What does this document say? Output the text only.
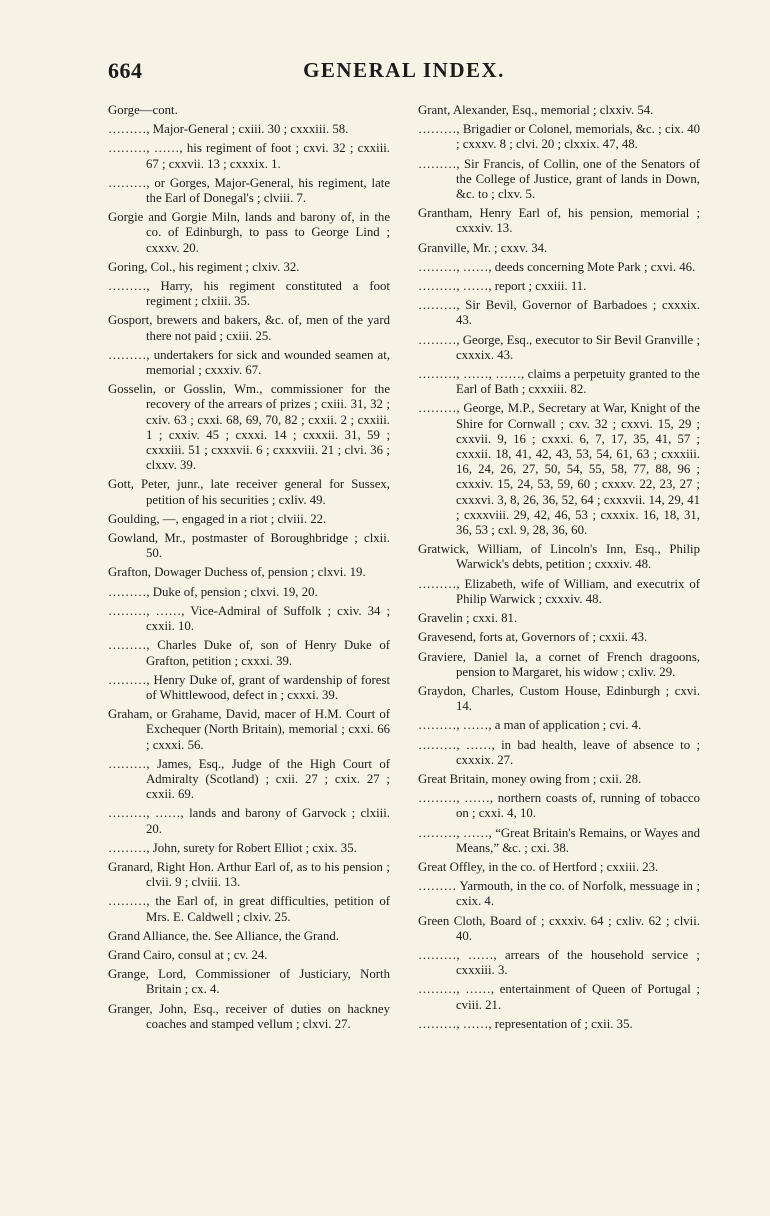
664	GENERAL INDEX.

Gorge—cont.

………, Major-General ; cxiii. 30 ; cxxxiii. 58.

………, ……, his regiment of foot ; cxvi. 32 ; cxxiii. 67 ; cxxvii. 13 ; cxxxix. 1.

………, or Gorges, Major-General, his regiment, late the Earl of Donegal's ; clviii. 7.

Gorgie and Gorgie Miln, lands and barony of, in the co. of Edinburgh, to pass to George Lind ; cxxxv. 20.

Goring, Col., his regiment ; clxiv. 32.

………, Harry, his regiment constituted a foot regiment ; clxiii. 35.

Gosport, brewers and bakers, &c. of, men of the yard there not paid ; cxiii. 25.

………, undertakers for sick and wounded seamen at, memorial ; cxxxiv. 67.

Gosselin, or Gosslin, Wm., commissioner for the recovery of the arrears of prizes ; cxiii. 31, 32 ; cxiv. 63 ; cxxi. 68, 69, 70, 82 ; cxxii. 2 ; cxxiii. 1 ; cxxiv. 45 ; cxxxi. 14 ; cxxxii. 31, 59 ; cxxxiii. 51 ; cxxxvii. 6 ; cxxxviii. 21 ; clvi. 36 ; clxxv. 39.

Gott, Peter, junr., late receiver general for Sussex, petition of his securities ; cxliv. 49.

Goulding, —, engaged in a riot ; clviii. 22.

Gowland, Mr., postmaster of Boroughbridge ; clxii. 50.

Grafton, Dowager Duchess of, pension ; clxvi. 19.

………, Duke of, pension ; clxvi. 19, 20.

………, ……, Vice-Admiral of Suffolk ; cxiv. 34 ; cxxii. 10.

………, Charles Duke of, son of Henry Duke of Grafton, petition ; cxxxi. 39.

………, Henry Duke of, grant of wardenship of forest of Whittlewood, defect in ; cxxxi. 39.

Graham, or Grahame, David, macer of H.M. Court of Exchequer (North Britain), memorial ; cxxi. 66 ; cxxxi. 56.

………, James, Esq., Judge of the High Court of Admiralty (Scotland) ; cxii. 27 ; cxix. 27 ; cxxii. 69.

………, ……, lands and barony of Garvock ; clxiii. 20.

………, John, surety for Robert Elliot ; cxix. 35.

Granard, Right Hon. Arthur Earl of, as to his pension ; clvii. 9 ; clviii. 13.

………, the Earl of, in great difficulties, petition of Mrs. E. Caldwell ; clxiv. 25.

Grand Alliance, the. See Alliance, the Grand.

Grand Cairo, consul at ; cv. 24.

Grange, Lord, Commissioner of Justiciary, North Britain ; cx. 4.

Granger, John, Esq., receiver of duties on hackney coaches and stamped vellum ; clxvi. 27.

Grant, Alexander, Esq., memorial ; clxxiv. 54.

………, Brigadier or Colonel, memorials, &c. ; cix. 40 ; cxxxv. 8 ; clvi. 20 ; clxxix. 47, 48.

………, Sir Francis, of Collin, one of the Senators of the College of Justice, grant of lands in Down, &c. to ; clxv. 5.

Grantham, Henry Earl of, his pension, memorial ; cxxxiv. 13.

Granville, Mr. ; cxxv. 34.

………, ……, deeds concerning Mote Park ; cxvi. 46.

………, ……, report ; cxxiii. 11.

………, Sir Bevil, Governor of Barbadoes ; cxxxix. 43.

………, George, Esq., executor to Sir Bevil Granville ; cxxxix. 43.

………, ……, ……, claims a perpetuity granted to the Earl of Bath ; cxxxiii. 82.

………, George, M.P., Secretary at War, Knight of the Shire for Cornwall ; cxv. 32 ; cxxvi. 15, 29 ; cxxvii. 9, 16 ; cxxxi. 6, 7, 17, 35, 41, 57 ; cxxxii. 18, 41, 42, 43, 53, 54, 61, 63 ; cxxxiii. 16, 24, 26, 27, 50, 54, 55, 58, 77, 88, 96 ; cxxxiv. 15, 24, 53, 59, 60 ; cxxxv. 22, 23, 27 ; cxxxvi. 3, 8, 26, 36, 52, 64 ; cxxxvii. 14, 29, 41 ; cxxxviii. 29, 42, 46, 53 ; cxxxix. 16, 18, 31, 36, 53 ; cxl. 9, 28, 36, 60.

Gratwick, William, of Lincoln's Inn, Esq., Philip Warwick's debts, petition ; cxxxiv. 48.

………, Elizabeth, wife of William, and executrix of Philip Warwick ; cxxxiv. 48.

Gravelin ; cxxi. 81.

Gravesend, forts at, Governors of ; cxxii. 43.

Graviere, Daniel la, a cornet of French dragoons, pension to Margaret, his widow ; cxliv. 29.

Graydon, Charles, Custom House, Edinburgh ; cxvi. 14.

………, ……, a man of application ; cvi. 4.

………, ……, in bad health, leave of absence to ; cxxxix. 27.

Great Britain, money owing from ; cxii. 28.

………, ……, northern coasts of, running of tobacco on ; cxxi. 4, 10.

………, ……, “Great Britain's Remains, or Wayes and Means,” &c. ; cxi. 38.

Great Offley, in the co. of Hertford ; cxxiii. 23.

……… Yarmouth, in the co. of Norfolk, messuage in ; cxix. 4.

Green Cloth, Board of ; cxxxiv. 64 ; cxliv. 62 ; clvii. 40.

………, ……, arrears of the household service ; cxxxiii. 3.

………, ……, entertainment of Queen of Portugal ; cviii. 21.

………, ……, representation of ; cxii. 35.
